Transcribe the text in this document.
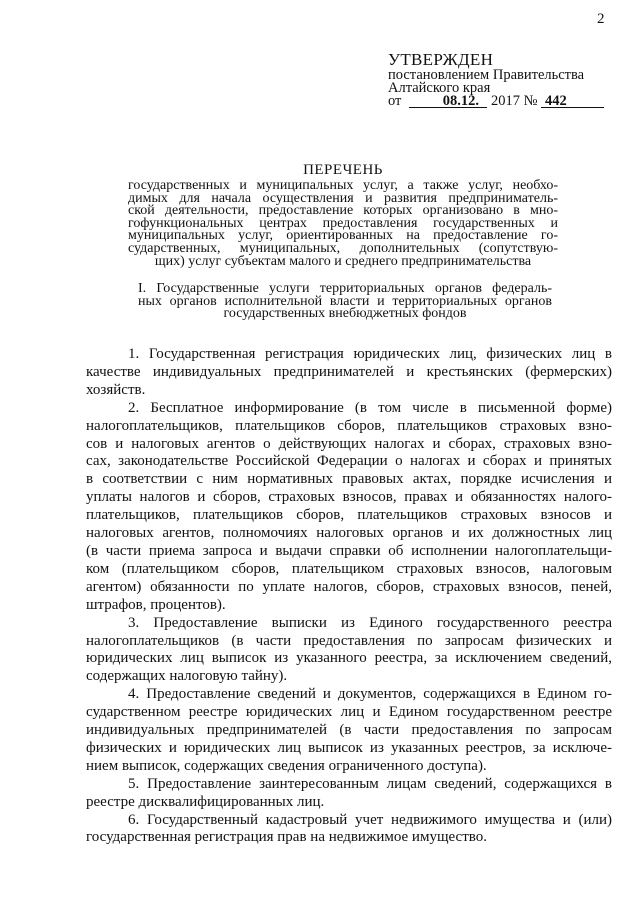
2
УТВЕРЖДЕН
постановлением Правительства
Алтайского края
от	08.12. 2017 № 442
ПЕРЕЧЕНЬ
государственных и муниципальных услуг, а также услуг, необхо-
димых для начала осуществления и развития предприниматель-
ской деятельности, предоставление которых организовано в мно-
гофункциональных центрах предоставления государственных и
муниципальных услуг, ориентированных на предоставление го-
сударственных, муниципальных, дополнительных (сопутствую-
щих) услуг субъектам малого и среднего предпринимательства
I. Государственные услуги территориальных органов федераль-
ных органов исполнительной власти и территориальных органов
государственных внебюджетных фондов
1. Государственная регистрация юридических лиц, физических лиц в
качестве индивидуальных предпринимателей и крестьянских (фермерских)
хозяйств.
2. Бесплатное информирование (в том числе в письменной форме)
налогоплательщиков, плательщиков сборов, плательщиков страховых взно-
сов и налоговых агентов о действующих налогах и сборах, страховых взно-
сах, законодательстве Российской Федерации о налогах и сборах и принятых
в соответствии с ним нормативных правовых актах, порядке исчисления и
уплаты налогов и сборов, страховых взносов, правах и обязанностях налого-
плательщиков, плательщиков сборов, плательщиков страховых взносов и
налоговых агентов, полномочиях налоговых органов и их должностных лиц
(в части приема запроса и выдачи справки об исполнении налогоплательщи-
ком (плательщиком сборов, плательщиком страховых взносов, налоговым
агентом) обязанности по уплате налогов, сборов, страховых взносов, пеней,
штрафов, процентов).
3. Предоставление выписки из Единого государственного реестра
налогоплательщиков (в части предоставления по запросам физических и
юридических лиц выписок из указанного реестра, за исключением сведений,
содержащих налоговую тайну).
4. Предоставление сведений и документов, содержащихся в Едином го-
сударственном реестре юридических лиц и Едином государственном реестре
индивидуальных предпринимателей (в части предоставления по запросам
физических и юридических лиц выписок из указанных реестров, за исключе-
нием выписок, содержащих сведения ограниченного доступа).
5. Предоставление заинтересованным лицам сведений, содержащихся в
реестре дисквалифицированных лиц.
6. Государственный кадастровый учет недвижимого имущества и (или)
государственная регистрация прав на недвижимое имущество.
